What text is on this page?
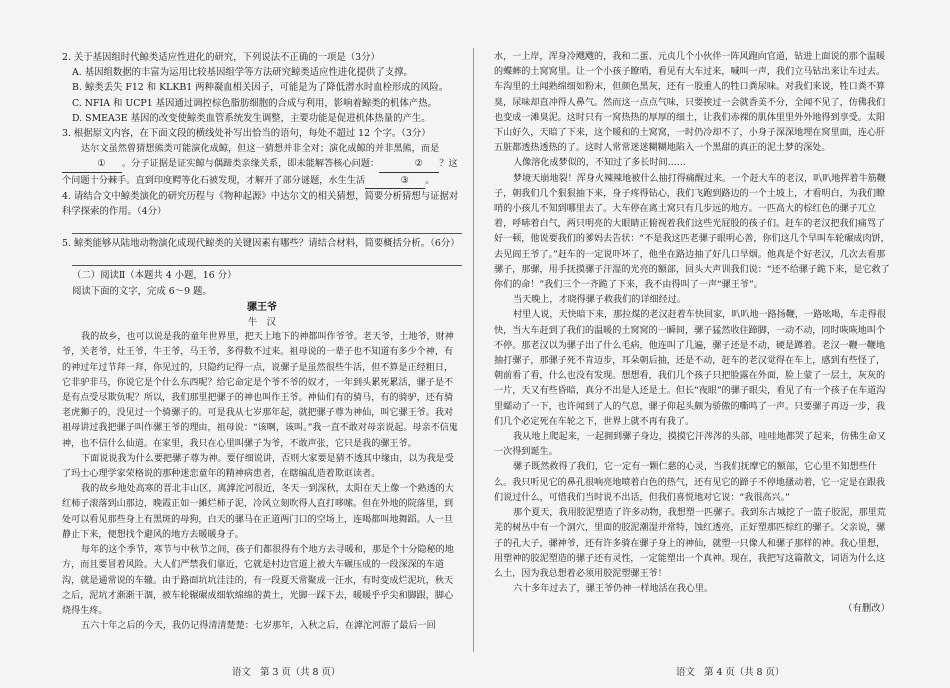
2. 关于基因组时代鲸类适应性进化的研究，下列说法不正确的一项是（3分）

A. 基因组数据的丰富为运用比较基因组学等方法研究鲸类适应性进化提供了支撑。

B. 鲸类丢失 F12 和 KLKB1 两种凝血相关因子，可能是为了降低潜水时血栓形成的风险。

C. NFIA 和 UCP1 基因通过调控棕色脂肪细胞的合成与利用，影响着鲸类的机体产热。

D. SMEA3E 基因的改变使鲸类血管系统发生调整，主要功能是促进机体热量的产生。

3. 根据原文内容，在下面文段的横线处补写出恰当的语句，每处不超过 12 个字。（3分）

达尔文虽然曾猜想熊类可能演化成鲸，但这一猜想并非全对；演化成鲸的并非黑熊，而是① 。分子证据是证实鲸与偶蹄类亲缘关系，即未能解答核心问题：	② ？这个问题十分棘手。直到印度鳄等化石被发现，才解开了部分谜题，水生生活	③ 。

4. 请结合文中鲸类演化的研究历程与《物种起源》中达尔文的相关猜想，简要分析猜想与证据对科学探索的作用。（4分）

5. 鲸类能够从陆地动物演化成现代鲸类的关键因素有哪些？请结合材料，简要概括分析。（6分）

（二）阅读Ⅱ（本题共 4 小题，16 分）

阅读下面的文字，完成 6～9 题。

骡王爷

牛　汉

我的故乡，也可以说是我的童年世界里，把天上地下的神都叫作爷爷。老天爷，土地爷，财神爷，关老爷，灶王爷，牛王爷，马王爷，多得数不过来。祖母说的一辈子也不知道有多少个神，有的神过年过节拜一拜，你见过的，只隐约记得一点，说骡子是虽然很些牛活，但不算是正经粗日，它非驴非马，你说它是个什么东西呢？给它命定是个爷不爷的奴才，一年到头累死累活，骡子是不是有点受尽欺负呢？所以，我们那里把骡子的神也叫作王爷。神仙们有的骑马，有的骑驴，还有骑老虎狮子的，没见过一个骑骡子的。可是我从七岁那年起，就把骡子尊为神仙，叫它骡王爷。我对祖母讲过我把骡子叫作骡王爷的理由，祖母说：“该啊，该叫。”我一直不敢对母亲说起。母亲不信鬼神，也不信什么仙道。在家里，我只在心里叫骡子为爷，不敢声张，它只是我的骡王爷。

下面说说我为什么要把骡子尊为神。要仔细说讲，否则大家要是猜不透其中缘由，以为我是受了玛士心理学家荣格说的那种迷恋童年的精神病患者，在瞎编乱造着欺诓读者。

我的故乡地处高寒的晋北丰山区，离滹沱河很近，冬天一到深秋，太阳在天上像一个熟透的大红柿子滚落到山那边，晚霞正如一摊烂柿子泥，冷风立刻吹得人直打哆嗦。但在外地的院落里，到处可以看见那些身上有黑斑的母狗，白天的骡马在正道两门口的空场上，连喝都叫地舞蹈。人一旦静止下来，便想找个避风的地方去暖暖身子。

每年的这个季节，寒节与中秋节之间，孩子们都很得有个地方去寻暖和，那是个十分隐秘的地方，而且要冒着风险。大人们严禁我们靠近，它就是村边官道上被大车碾压成的一段深深的车道沟，就是通常说的车辙。由于路面坑坑洼洼的，有一段夏天常聚成一汪水，有时变成烂泥坑，秋天之后，泥坑才渐渐干涸，被车轮辗碾成细软绵绵的黄土，光脚一踩下去，暖暖乎乎尖和脚跟，脚心烧得生疼。

五六十年之后的今天，我仍记得清清楚楚：七岁那年，入秋之后，在滹沱河游了最后一回

水，一上岸，浑身冷飕飕的，我和二蛋、元贞几个小伙伴一阵风跑向官道，钻进上面说的那个温暖的蝶蟀的土窝窝里。让一个小孩子瞭哨，看见有大车过来，喊叫一声，我们立马钻出来让车过去。车沟里的土闻熟绵细如粉末，但颜色黑灰，还有一股重人的牲口粪尿味。对我们来说，牲口粪不算臭，尿味却直冲得人鼻气。然而这一点点气味，只要挨过一会就香美不分，全闻不见了，仿佛我们也变成一滩臭泥。这时只有一窝热热的厚厚的细土，让我们赤裸的肌体里里外外地得到享受。太阳下山好久，天暗了下来，这个暖和的土窝窝，一时仍冷却不了，小身子深深地埋在窝里面，连心肝五脏都透热透热的了。这时人常常迷迷糊糊地陷入一个黑甜的真正的泥土梦的深处。

人像溶化成梦似的，不知过了多长时间……

梦境天崩地裂！浑身火辣辣地被什么抽打得痛醒过来。一个赶大车的老汉，叭叭地挥着牛筋鞭子，朝我们几个狠狠抽下来，身子疼得钻心，我们飞跑到路边的一个土坡上，才看明白，为我们瞭哨的小孩儿不知到哪里去了。大车停在离土窝只有几步远的地方。一匹高大的棕红色的骡子兀立着，呼哧着白气，两只明亮的大眼睛正俯视着我们这些光屁股的孩子们。赶车的老汉把我们痛骂了好一顿，他说要我们的爹妈去告状：“不是我这匹老骡子眼明心善，你们这几个早叫车轮碾成肉饼，去见阎王爷了。”赶车的一定说吓坏了，他坐在路边抽了好几口旱烟。他真是个好老汉，几次去看那骡子，那骡，用手抚摸骡子汗湿的光亮的额部，回头大声训我们说：“还不给骡子跪下来，是它救了你们的命！”我们三个一齐跪了下来，我不由得叫了一声“骡王爷”。

当天晚上，才晓得骡子救我们的详细经过。

村里人说，天快暗下来，那拉煤的老汉赶着车快回家，叭叭地一路扬鞭，一路吆喝，车走得很快，当大车赶到了我们的温暖的土窝窝的一瞬间，骡子猛然收住蹄脚，一动不动，同时咴咴地叫个不停。那老汉以为骡子出了什么毛病，他连叫了几遍，骡子还是不动，硬是蹲着。老汉一鞭一鞭地抽打骡子，那骡子死不肯迈步，耳朵朝后抽，还是不动，赶车的老汉觉得在车上，感到有些怪了，朝前看了看，什么也没有发现。想想看，我们几个孩子只把脸露在外面，脸上蒙了一层土，灰灰的一片，天又有些昏暗，真分不出是人还是土。但长“夜眼”的骡子眼尖，看见了有一个孩子在车道沟里蠕动了一下，也许闻到了人的气息，骡子仰起头颇为骄傲的嘶鸣了一声。只要骡子再迈一步，我们几个必定死在车轮之下，世界上就不再有我了。

我从地上爬起来，一起拥到骡子身边，摸摸它汗涔涔的头部，哇哇地都哭了起来，仿佛生命又一次得到诞生。

骡子既然救得了我们，它一定有一颗仁慈的心灵，当我们抚摩它的额部，它心里不知想些什么。我只听见它的鼻孔很响亮地喷着白色的热气，还有见它的蹄子不停地搔动着，它一定是在跟我们说过什么，可惜我们当时说不出话，但我们喜悦地对它说：“我很高兴。”

那个夏天，我用胶泥塑造了许多动物，我想塑一匹骡子。我到东古城挖了一篮子胶泥，那里荒芜的树丛中有一个洞穴，里面的胶泥潮湿并常特，蚀红透亮，正好塑那匹棕红的骡子。父亲说，骡子的孔大子，骡神爷，还有许多骑在骡子身上的神仙，就塑一只像人和骡子那样的神。我心里想，用塑神的胶泥塑造的骡子还有灵性，一定能塑出一个真神。现在，我把写这篇散文，词语为什么这么土，因为我总想着必须用胶泥塑骡王爷！

六十多年过去了，骡王爷仍神一样地活在我心里。

（有删改）

语文　第 3 页（共 8 页）	语文　第 4 页（共 8 页）
